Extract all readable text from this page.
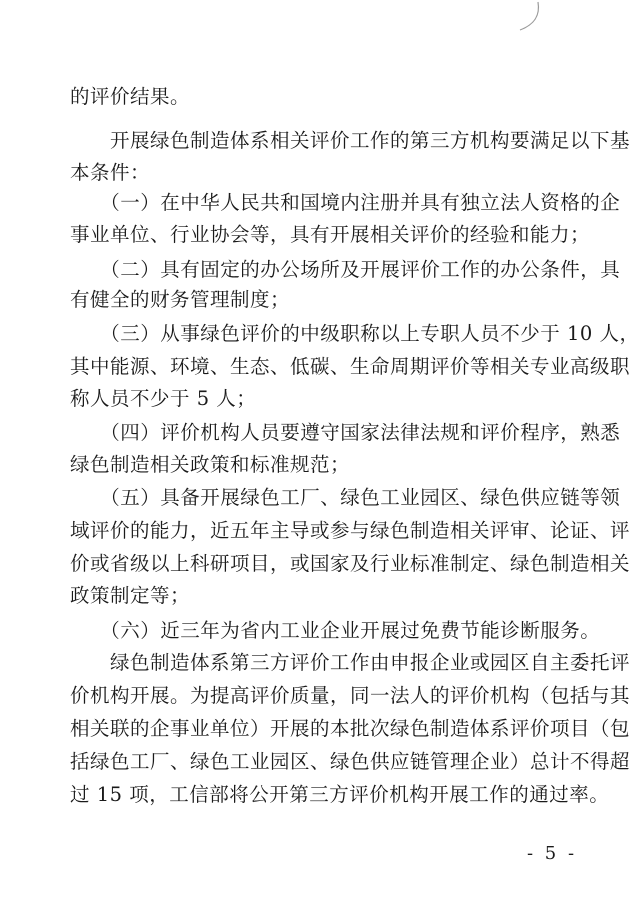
的评价结果。
　　开展绿色制造体系相关评价工作的第三方机构要满足以下基
本条件：
　　（一）在中华人民共和国境内注册并具有独立法人资格的企
事业单位、行业协会等，具有开展相关评价的经验和能力；
　　（二）具有固定的办公场所及开展评价工作的办公条件，具
有健全的财务管理制度；
　　（三）从事绿色评价的中级职称以上专职人员不少于 10 人，
其中能源、环境、生态、低碳、生命周期评价等相关专业高级职
称人员不少于 5 人；
　　（四）评价机构人员要遵守国家法律法规和评价程序，熟悉
绿色制造相关政策和标准规范；
　　（五）具备开展绿色工厂、绿色工业园区、绿色供应链等领
域评价的能力，近五年主导或参与绿色制造相关评审、论证、评
价或省级以上科研项目，或国家及行业标准制定、绿色制造相关
政策制定等；
　　（六）近三年为省内工业企业开展过免费节能诊断服务。
　　绿色制造体系第三方评价工作由申报企业或园区自主委托评
价机构开展。为提高评价质量，同一法人的评价机构（包括与其
相关联的企事业单位）开展的本批次绿色制造体系评价项目（包
括绿色工厂、绿色工业园区、绿色供应链管理企业）总计不得超
过 15 项，工信部将公开第三方评价机构开展工作的通过率。
- 5 -
